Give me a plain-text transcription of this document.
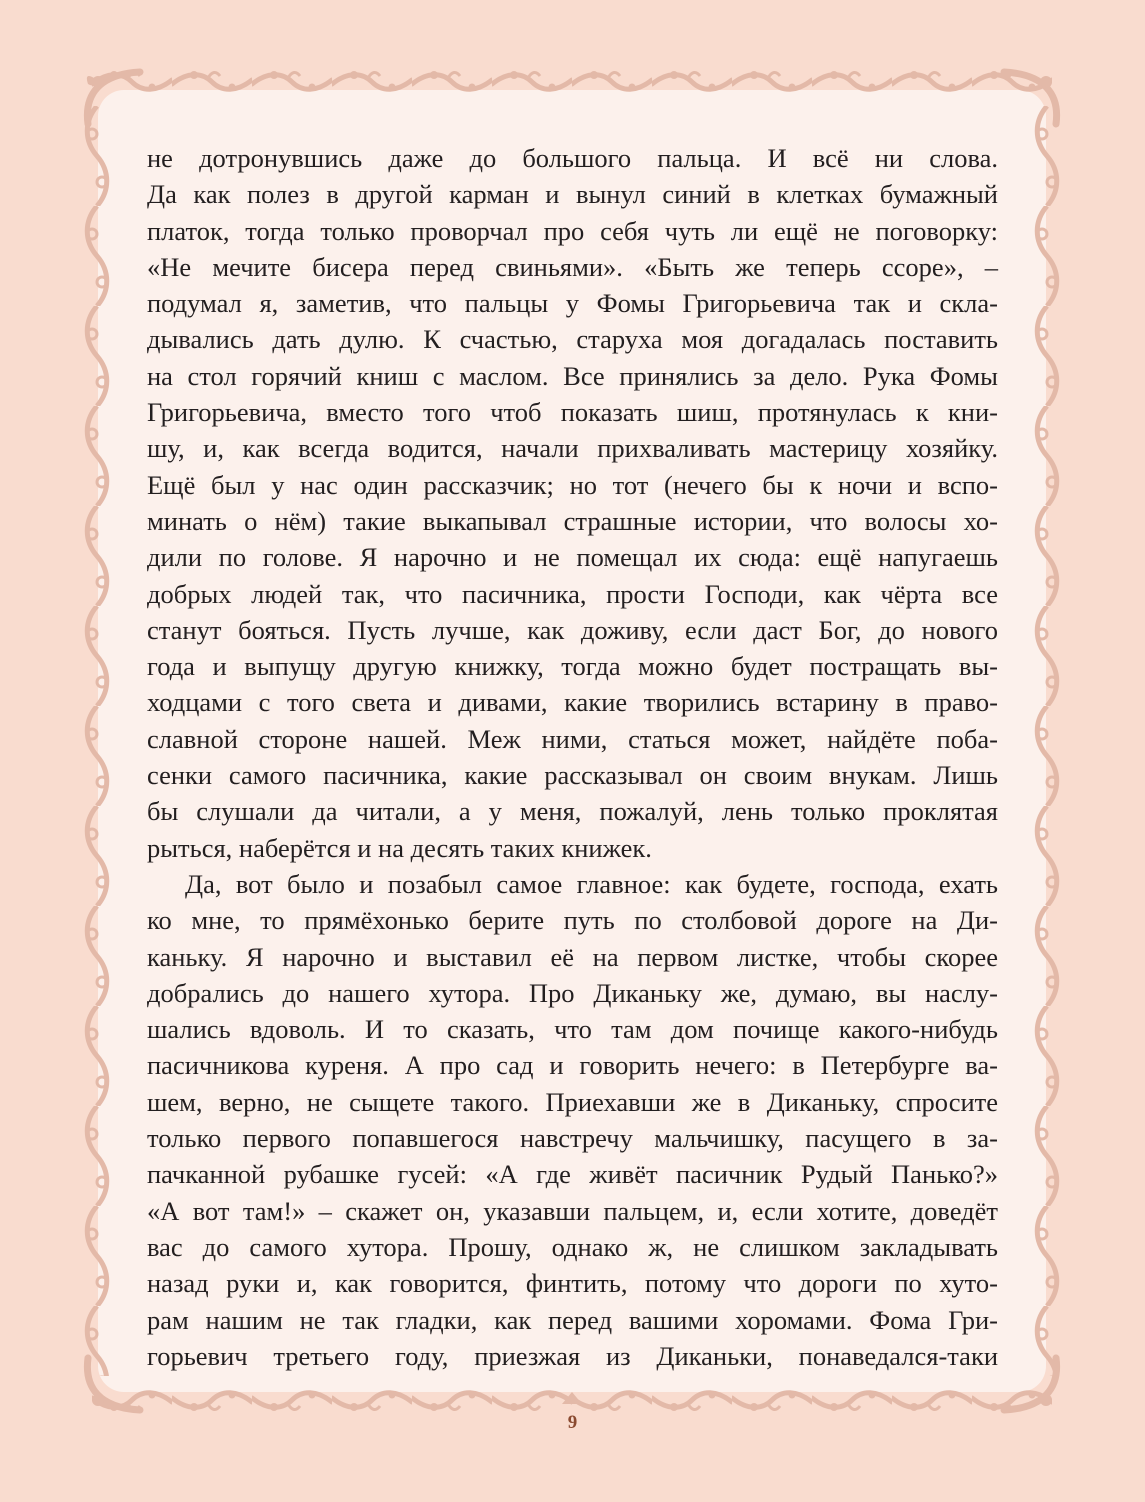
не дотронувшись даже до большого пальца. И всё ни слова.
Да как полез в другой карман и вынул синий в клетках бумажный
платок, тогда только проворчал про себя чуть ли ещё не поговорку:
«Не мечите бисера перед свиньями». «Быть же теперь ссоре», –
подумал я, заметив, что пальцы у Фомы Григорьевича так и скла-
дывались дать дулю. К счастью, старуха моя догадалась поставить
на стол горячий книш с маслом. Все принялись за дело. Рука Фомы
Григорьевича, вместо того чтоб показать шиш, протянулась к кни-
шу, и, как всегда водится, начали прихваливать мастерицу хозяйку.
Ещё был у нас один рассказчик; но тот (нечего бы к ночи и вспо-
минать о нём) такие выкапывал страшные истории, что волосы хо-
дили по голове. Я нарочно и не помещал их сюда: ещё напугаешь
добрых людей так, что пасичника, прости Господи, как чёрта все
станут бояться. Пусть лучше, как доживу, если даст Бог, до нового
года и выпущу другую книжку, тогда можно будет постращать вы-
ходцами с того света и дивами, какие творились встарину в право-
славной стороне нашей. Меж ними, статься может, найдёте поба-
сенки самого пасичника, какие рассказывал он своим внукам. Лишь
бы слушали да читали, а у меня, пожалуй, лень только проклятая
рыться, наберётся и на десять таких книжек.

Да, вот было и позабыл самое главное: как будете, господа, ехать
ко мне, то прямёхонько берите путь по столбовой дороге на Ди-
каньку. Я нарочно и выставил её на первом листке, чтобы скорее
добрались до нашего хутора. Про Диканьку же, думаю, вы наслу-
шались вдоволь. И то сказать, что там дом почище какого-нибудь
пасичникова куреня. А про сад и говорить нечего: в Петербурге ва-
шем, верно, не сыщете такого. Приехавши же в Диканьку, спросите
только первого попавшегося навстречу мальчишку, пасущего в за-
пачканной рубашке гусей: «А где живёт пасичник Рудый Панько?»
«А вот там!» – скажет он, указавши пальцем, и, если хотите, доведёт
вас до самого хутора. Прошу, однако ж, не слишком закладывать
назад руки и, как говорится, финтить, потому что дороги по хуто-
рам нашим не так гладки, как перед вашими хоромами. Фома Гри-
горьевич третьего году, приезжая из Диканьки, понаведался-таки

9
